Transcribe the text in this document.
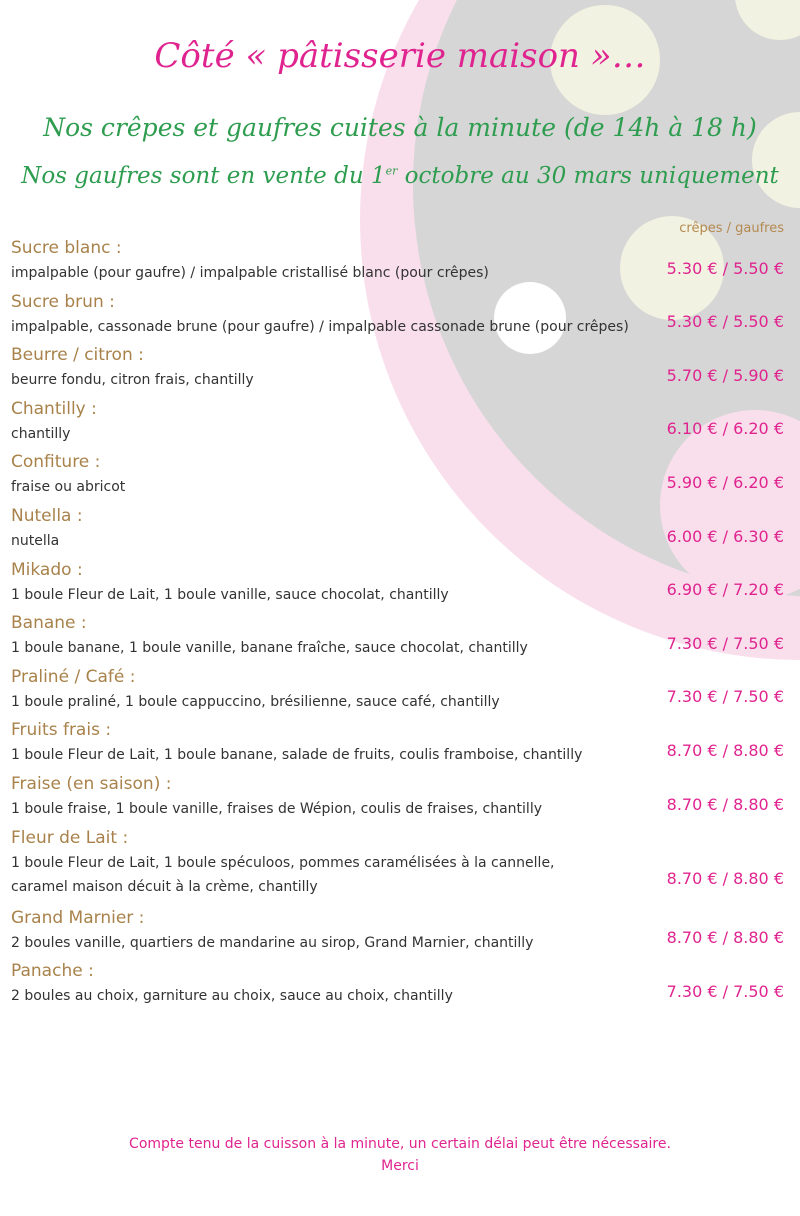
Côté « pâtisserie maison »…
Nos crêpes et gaufres cuites à la minute (de 14h à 18 h)
Nos gaufres sont en vente du 1er octobre au 30 mars uniquement
crêpes / gaufres
Sucre blanc :
impalpable (pour gaufre) / impalpable cristallisé blanc (pour crêpes)	5.30 € / 5.50 €
Sucre brun :
impalpable, cassonade brune (pour gaufre) / impalpable cassonade brune (pour crêpes)	5.30 € / 5.50 €
Beurre / citron :
beurre fondu, citron frais, chantilly	5.70 € / 5.90 €
Chantilly :
chantilly	6.10 € / 6.20 €
Confiture :
fraise ou abricot	5.90 € / 6.20 €
Nutella :
nutella	6.00 € / 6.30 €
Mikado :
1 boule Fleur de Lait, 1 boule vanille, sauce chocolat, chantilly	6.90 € / 7.20 €
Banane :
1 boule banane, 1 boule vanille, banane fraîche, sauce chocolat, chantilly	7.30 € / 7.50 €
Praliné / Café :
1 boule praliné, 1 boule cappuccino, brésilienne, sauce café, chantilly	7.30 € / 7.50 €
Fruits frais :
1 boule Fleur de Lait, 1 boule banane, salade de fruits, coulis framboise, chantilly	8.70 € / 8.80 €
Fraise (en saison) :
1 boule fraise, 1 boule vanille, fraises de Wépion, coulis de fraises, chantilly	8.70 € / 8.80 €
Fleur de Lait :
1 boule Fleur de Lait, 1 boule spéculoos, pommes caramélisées à la cannelle,
caramel maison décuit à la crème, chantilly	8.70 € / 8.80 €
Grand Marnier :
2 boules vanille, quartiers de mandarine au sirop, Grand Marnier, chantilly	8.70 € / 8.80 €
Panache :
2 boules au choix, garniture au choix, sauce au choix, chantilly	7.30 € / 7.50 €
Compte tenu de la cuisson à la minute, un certain délai peut être nécessaire.
Merci
